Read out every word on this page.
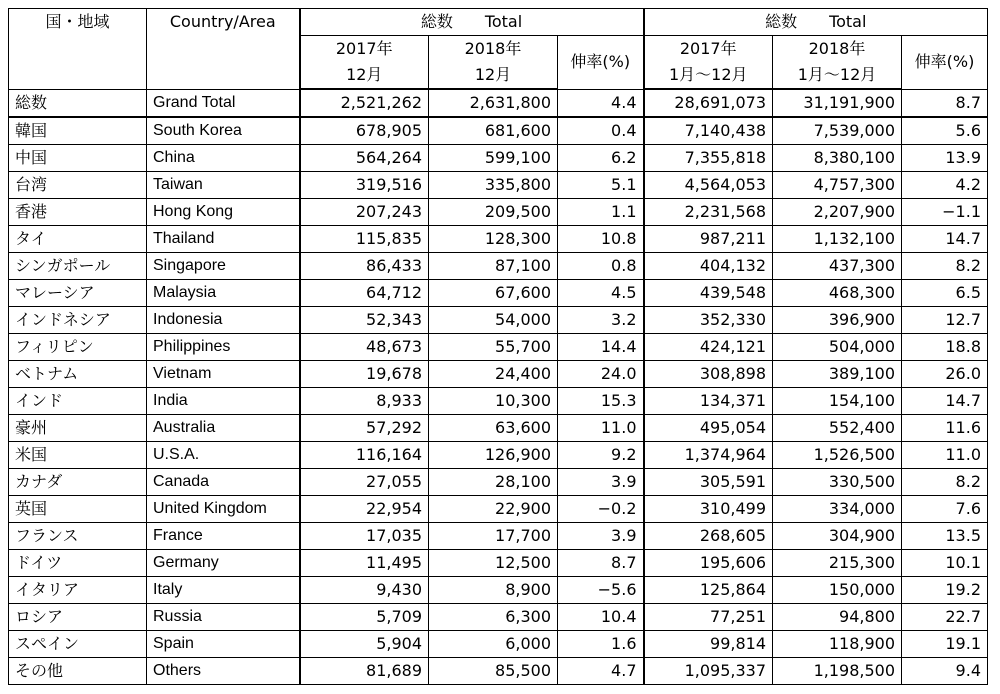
国・地域	Country/Area	総数　　Total			総数　　Total		
		2017年	2018年	伸率(%)	2017年	2018年	伸率(%)
		12月	12月		1月～12月	1月～12月	
総数	Grand Total	2,521,262	2,631,800	4.4	28,691,073	31,191,900	8.7
韓国	South Korea	678,905	681,600	0.4	7,140,438	7,539,000	5.6
中国	China	564,264	599,100	6.2	7,355,818	8,380,100	13.9
台湾	Taiwan	319,516	335,800	5.1	4,564,053	4,757,300	4.2
香港	Hong Kong	207,243	209,500	1.1	2,231,568	2,207,900	−1.1
タイ	Thailand	115,835	128,300	10.8	987,211	1,132,100	14.7
シンガポール	Singapore	86,433	87,100	0.8	404,132	437,300	8.2
マレーシア	Malaysia	64,712	67,600	4.5	439,548	468,300	6.5
インドネシア	Indonesia	52,343	54,000	3.2	352,330	396,900	12.7
フィリピン	Philippines	48,673	55,700	14.4	424,121	504,000	18.8
ベトナム	Vietnam	19,678	24,400	24.0	308,898	389,100	26.0
インド	India	8,933	10,300	15.3	134,371	154,100	14.7
豪州	Australia	57,292	63,600	11.0	495,054	552,400	11.6
米国	U.S.A.	116,164	126,900	9.2	1,374,964	1,526,500	11.0
カナダ	Canada	27,055	28,100	3.9	305,591	330,500	8.2
英国	United Kingdom	22,954	22,900	−0.2	310,499	334,000	7.6
フランス	France	17,035	17,700	3.9	268,605	304,900	13.5
ドイツ	Germany	11,495	12,500	8.7	195,606	215,300	10.1
イタリア	Italy	9,430	8,900	−5.6	125,864	150,000	19.2
ロシア	Russia	5,709	6,300	10.4	77,251	94,800	22.7
スペイン	Spain	5,904	6,000	1.6	99,814	118,900	19.1
その他	Others	81,689	85,500	4.7	1,095,337	1,198,500	9.4
